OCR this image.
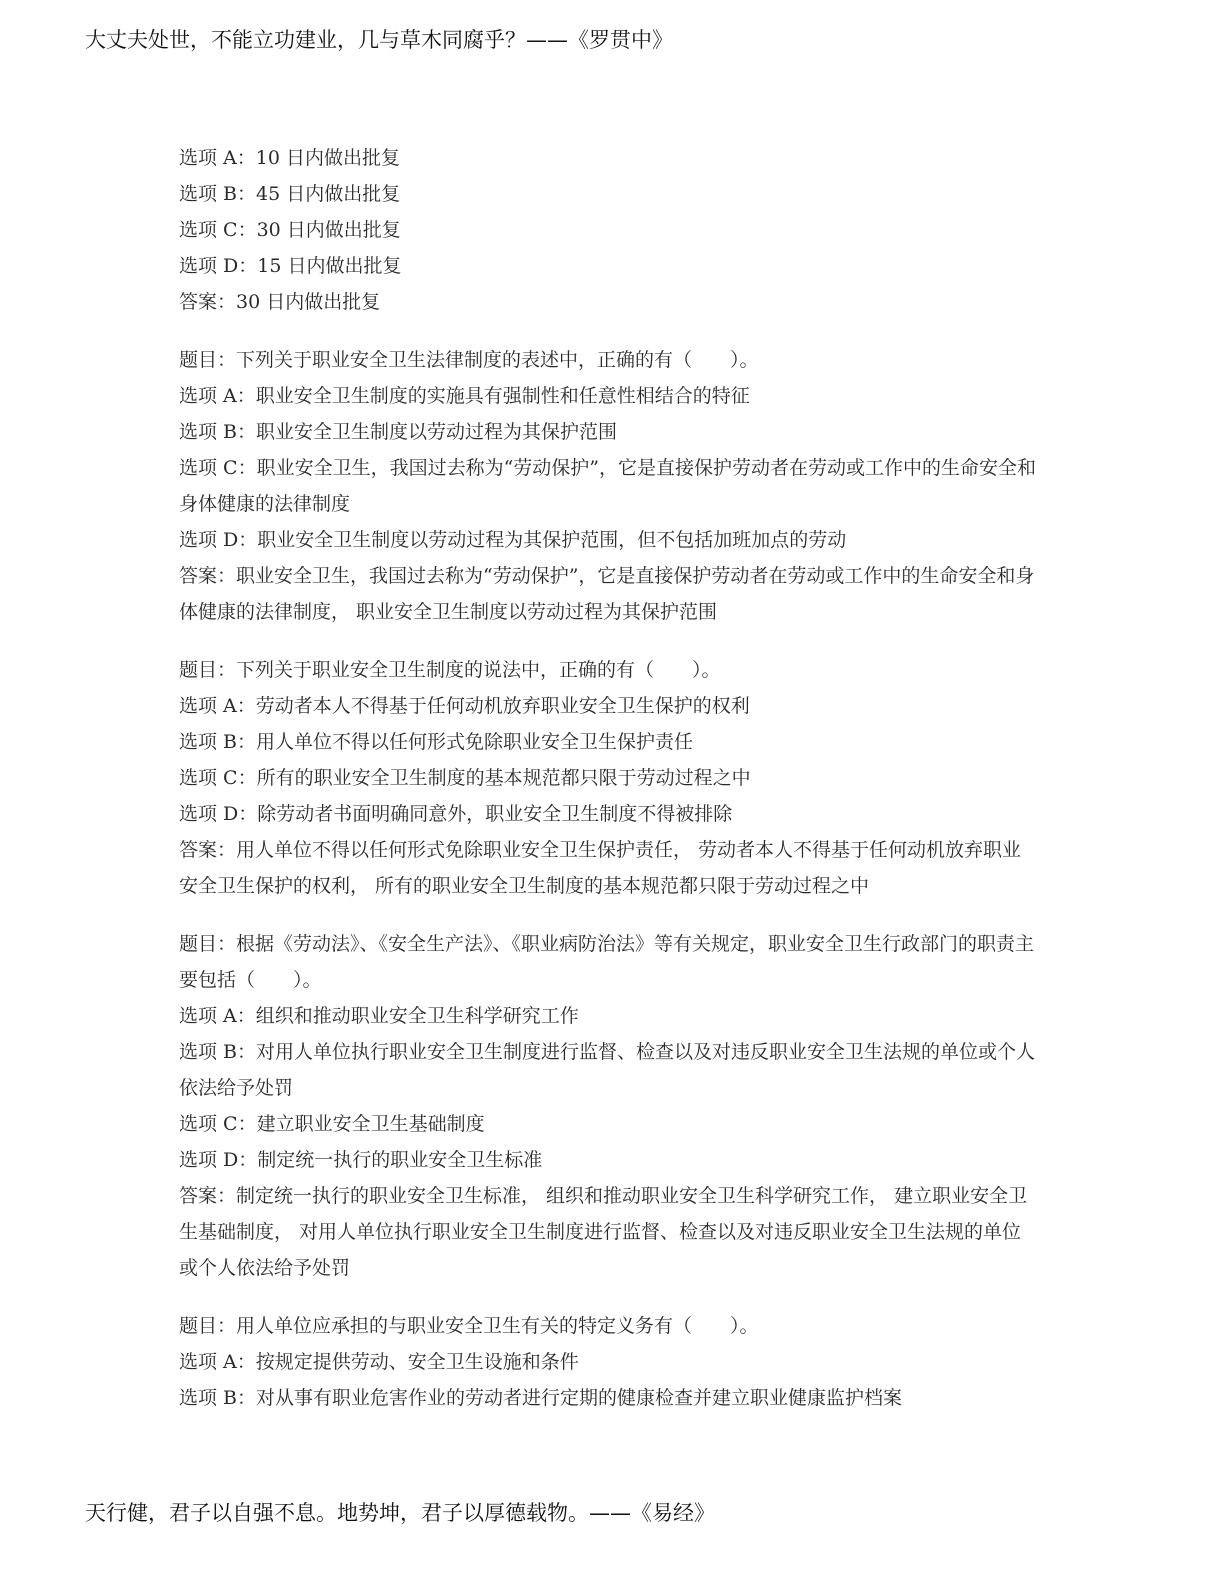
大丈夫处世，不能立功建业，几与草木同腐乎？——《罗贯中》
选项 A：10 日内做出批复
选项 B：45 日内做出批复
选项 C：30 日内做出批复
选项 D：15 日内做出批复
答案：30 日内做出批复
题目：下列关于职业安全卫生法律制度的表述中，正确的有（　　）。
选项 A：职业安全卫生制度的实施具有强制性和任意性相结合的特征
选项 B：职业安全卫生制度以劳动过程为其保护范围
选项 C：职业安全卫生，我国过去称为“劳动保护”，它是直接保护劳动者在劳动或工作中的生命安全和身体健康的法律制度
选项 D：职业安全卫生制度以劳动过程为其保护范围，但不包括加班加点的劳动
答案：职业安全卫生，我国过去称为“劳动保护”，它是直接保护劳动者在劳动或工作中的生命安全和身体健康的法律制度， 职业安全卫生制度以劳动过程为其保护范围
题目：下列关于职业安全卫生制度的说法中，正确的有（　　）。
选项 A：劳动者本人不得基于任何动机放弃职业安全卫生保护的权利
选项 B：用人单位不得以任何形式免除职业安全卫生保护责任
选项 C：所有的职业安全卫生制度的基本规范都只限于劳动过程之中
选项 D：除劳动者书面明确同意外，职业安全卫生制度不得被排除
答案：用人单位不得以任何形式免除职业安全卫生保护责任， 劳动者本人不得基于任何动机放弃职业安全卫生保护的权利， 所有的职业安全卫生制度的基本规范都只限于劳动过程之中
题目：根据《劳动法》、《安全生产法》、《职业病防治法》等有关规定，职业安全卫生行政部门的职责主要包括（　　）。
选项 A：组织和推动职业安全卫生科学研究工作
选项 B：对用人单位执行职业安全卫生制度进行监督、检查以及对违反职业安全卫生法规的单位或个人依法给予处罚
选项 C：建立职业安全卫生基础制度
选项 D：制定统一执行的职业安全卫生标准
答案：制定统一执行的职业安全卫生标准， 组织和推动职业安全卫生科学研究工作， 建立职业安全卫生基础制度， 对用人单位执行职业安全卫生制度进行监督、检查以及对违反职业安全卫生法规的单位或个人依法给予处罚
题目：用人单位应承担的与职业安全卫生有关的特定义务有（　　）。
选项 A：按规定提供劳动、安全卫生设施和条件
选项 B：对从事有职业危害作业的劳动者进行定期的健康检查并建立职业健康监护档案
天行健，君子以自强不息。地势坤，君子以厚德载物。——《易经》
